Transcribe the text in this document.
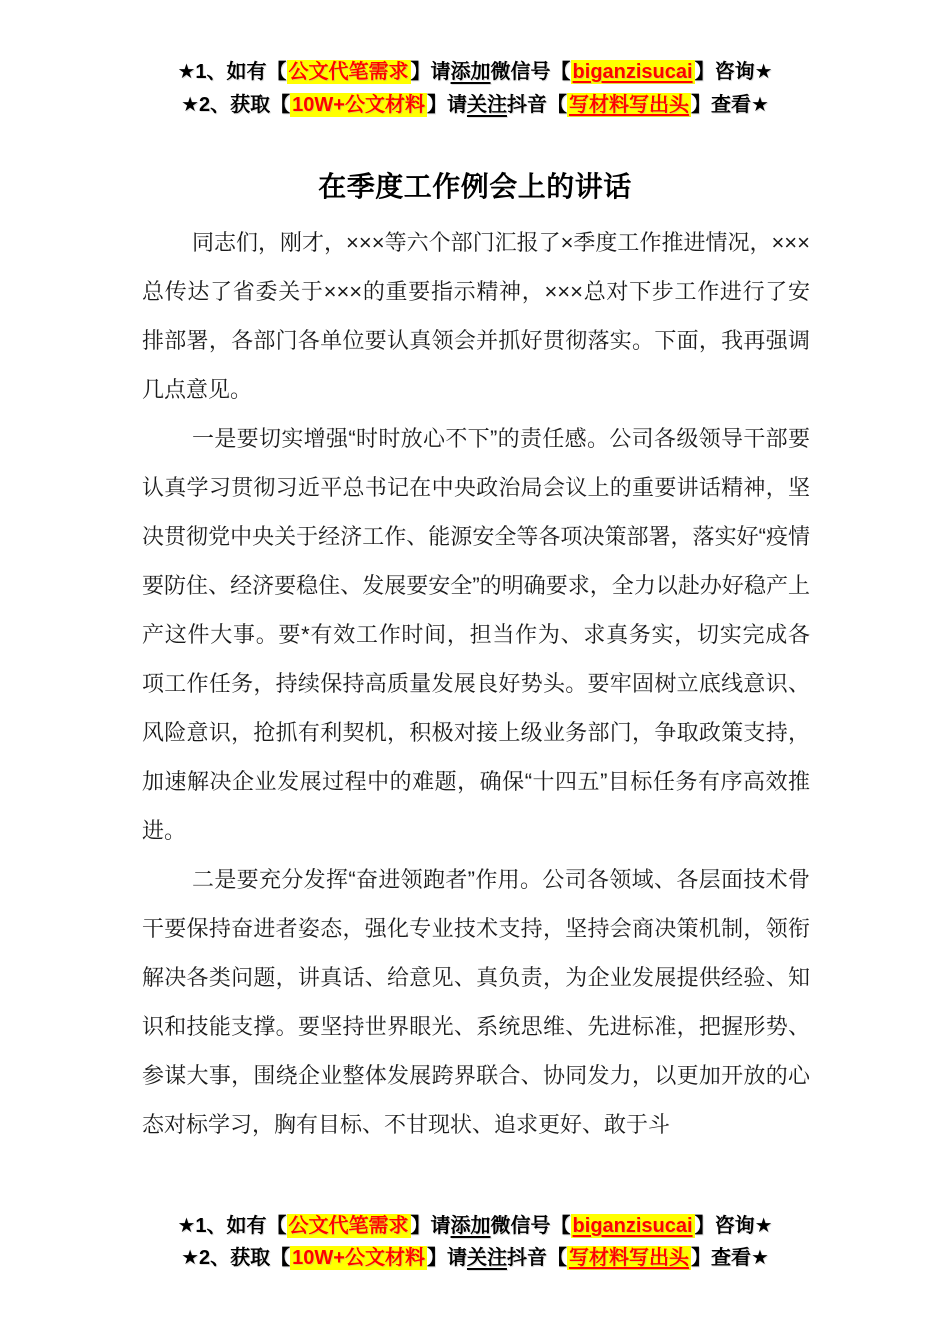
★1、如有【 公文代笔需求 】请添加微信号【 biganzisucai 】咨询★
★2、获取【 10W+公文材料 】请关注抖音【 写材料写出头 】查看★
在季度工作例会上的讲话

同志们，刚才，×××等六个部门汇报了×季度工作推进情况，×××总传达了省委关于×××的重要指示精神，×××总对下步工作进行了安排部署，各部门各单位要认真领会并抓好贯彻落实。下面，我再强调几点意见。

一是要切实增强“时时放心不下”的责任感。公司各级领导干部要认真学习贯彻习近平总书记在中央政治局会议上的重要讲话精神，坚决贯彻党中央关于经济工作、能源安全等各项决策部署，落实好“疫情要防住、经济要稳住、发展要安全”的明确要求，全力以赴办好稳产上产这件大事。要*有效工作时间，担当作为、求真务实，切实完成各项工作任务，持续保持高质量发展良好势头。要牢固树立底线意识、风险意识，抢抓有利契机，积极对接上级业务部门，争取政策支持，加速解决企业发展过程中的难题，确保“十四五”目标任务有序高效推进。

二是要充分发挥“奋进领跑者”作用。公司各领域、各层面技术骨干要保持奋进者姿态，强化专业技术支持，坚持会商决策机制，领衔解决各类问题，讲真话、给意见、真负责，为企业发展提供经验、知识和技能支撑。要坚持世界眼光、系统思维、先进标准，把握形势、参谋大事，围绕企业整体发展跨界联合、协同发力，以更加开放的心态对标学习，胸有目标、不甘现状、追求更好、敢于斗

★1、如有【 公文代笔需求 】请添加微信号【 biganzisucai 】咨询★
★2、获取【 10W+公文材料 】请关注抖音【 写材料写出头 】查看★
